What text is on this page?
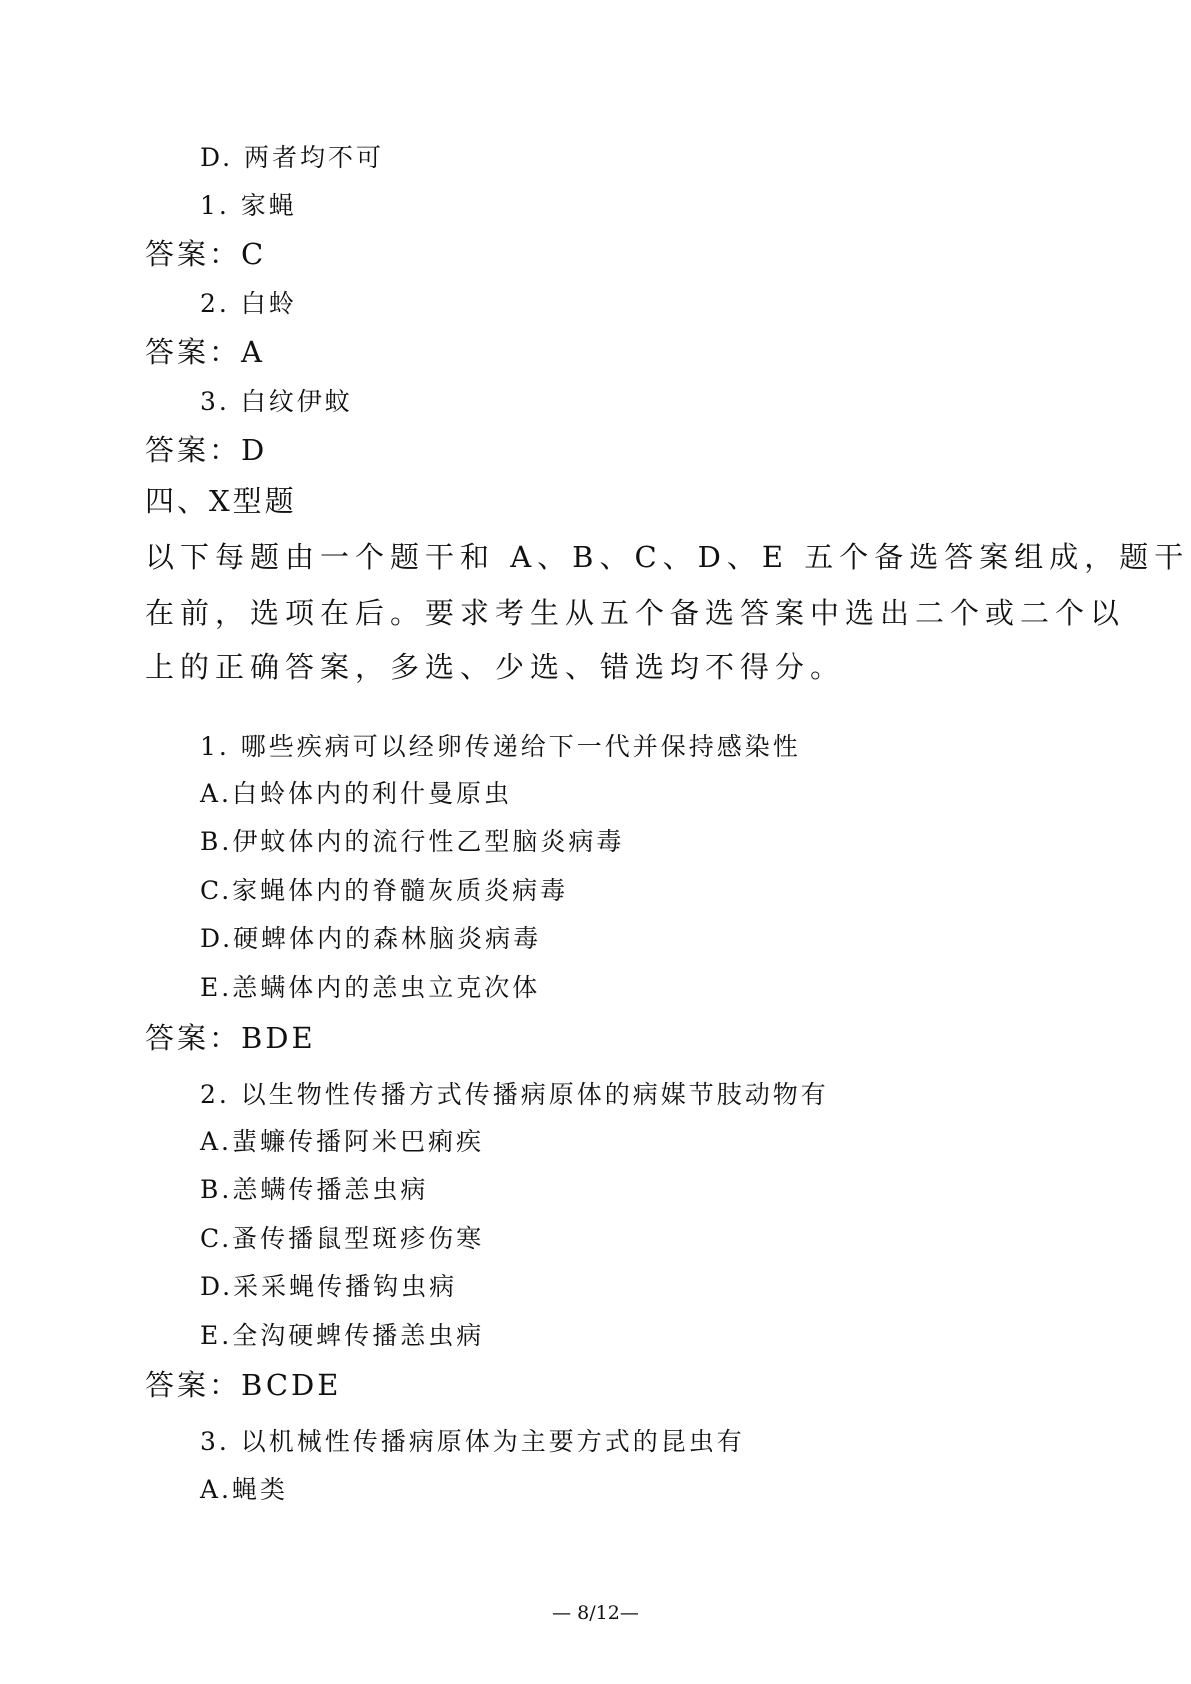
D. 两者均不可
1. 家蝇
答案：C
2. 白蛉
答案：A
3. 白纹伊蚊
答案：D
四、X型题
以下每题由一个题干和 A、B、C、D、E 五个备选答案组成，题干
在前，选项在后。要求考生从五个备选答案中选出二个或二个以
上的正确答案，多选、少选、错选均不得分。
1. 哪些疾病可以经卵传递给下一代并保持感染性
A.白蛉体内的利什曼原虫
B.伊蚊体内的流行性乙型脑炎病毒
C.家蝇体内的脊髓灰质炎病毒
D.硬蜱体内的森林脑炎病毒
E.恙螨体内的恙虫立克次体
答案：BDE
2. 以生物性传播方式传播病原体的病媒节肢动物有
A.蜚蠊传播阿米巴痢疾
B.恙螨传播恙虫病
C.蚤传播鼠型斑疹伤寒
D.采采蝇传播钩虫病
E.全沟硬蜱传播恙虫病
答案：BCDE
3. 以机械性传播病原体为主要方式的昆虫有
A.蝇类
— 8/12—
